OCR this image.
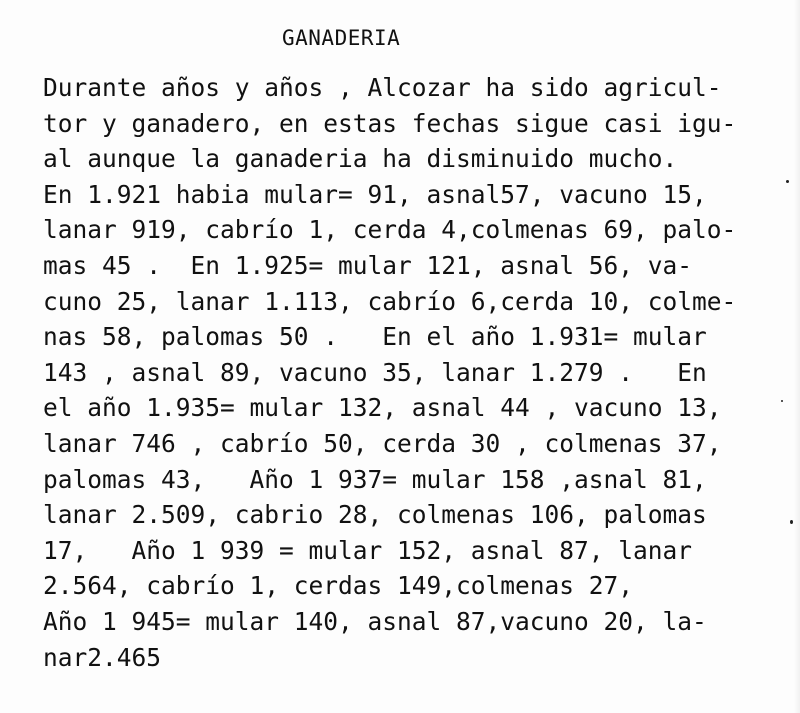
GANADERIA
Durante años y años , Alcozar ha sido agricul-
tor y ganadero, en estas fechas sigue casi igu-
al aunque la ganaderia ha disminuido mucho.
En 1.921 habia mular= 91, asnal57, vacuno 15,
lanar 919, cabrío 1, cerda 4,colmenas 69, palo-
mas 45 .  En 1.925= mular 121, asnal 56, va-
cuno 25, lanar 1.113, cabrío 6,cerda 10, colme-
nas 58, palomas 50 .   En el año 1.931= mular
143 , asnal 89, vacuno 35, lanar 1.279 .   En
el año 1.935= mular 132, asnal 44 , vacuno 13,
lanar 746 , cabrío 50, cerda 30 , colmenas 37,
palomas 43,   Año 1 937= mular 158 ,asnal 81,
lanar 2.509, cabrio 28, colmenas 106, palomas
17,   Año 1 939 = mular 152, asnal 87, lanar
2.564, cabrío 1, cerdas 149,colmenas 27,
Año 1 945= mular 140, asnal 87,vacuno 20, la-
nar2.465
